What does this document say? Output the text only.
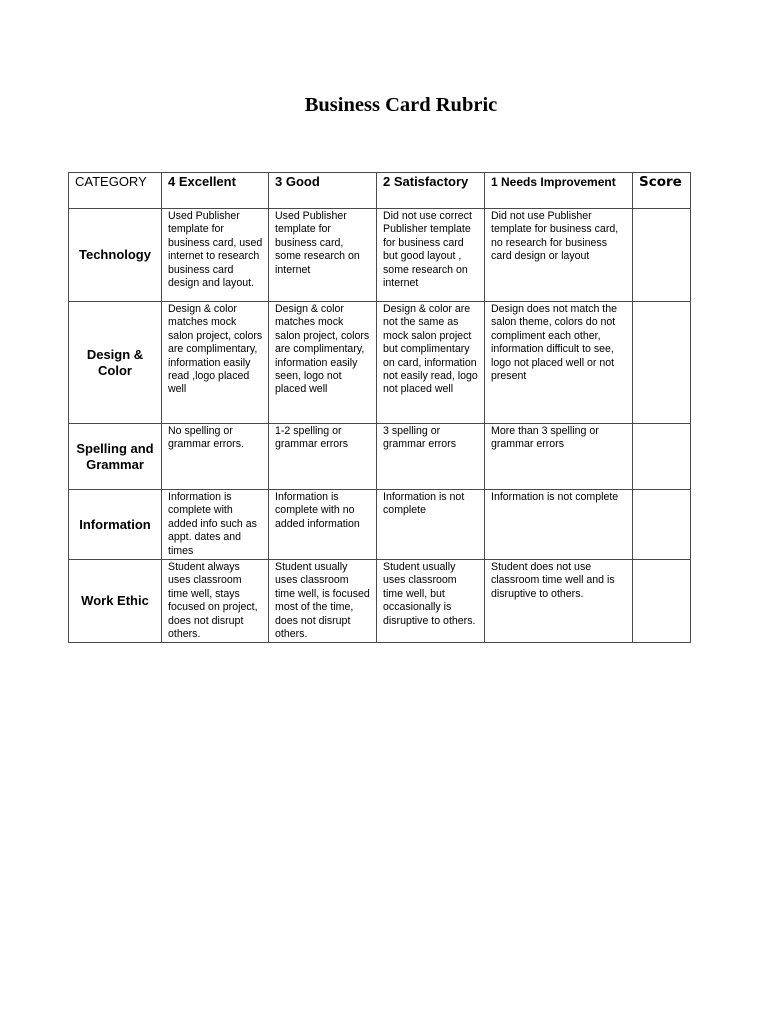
Business Card Rubric
CATEGORY	4 Excellent	3 Good	2 Satisfactory	1 Needs Improvement	Score
Technology	Used Publisher template for business card, used internet to research business card design and layout.	Used Publisher template for business card, some research on internet	Did not use correct Publisher template for business card but good layout , some research on internet	Did not use Publisher template for business card, no research for business card design or layout	
Design & Color	Design & color matches mock salon project, colors are complimentary, information easily read ,logo placed well	Design & color matches mock salon project, colors are complimentary, information easily seen, logo not placed well	Design & color are not the same as mock salon project but complimentary on card, information not easily read, logo not placed well	Design does not match the salon theme, colors do not compliment each other, information difficult to see, logo not placed well or not present	
Spelling and Grammar	No spelling or grammar errors.	1-2 spelling or grammar errors	3 spelling or grammar errors	More than 3 spelling or grammar errors	
Information	Information is complete with added info such as appt. dates and times	Information is complete with no added information	Information is not complete	Information is not complete	
Work Ethic	Student always uses classroom time well, stays focused on project, does not disrupt others.	Student usually uses classroom time well, is focused most of the time, does not disrupt others.	Student usually uses classroom time well, but occasionally is disruptive to others.	Student does not use classroom time well and is disruptive to others.	
